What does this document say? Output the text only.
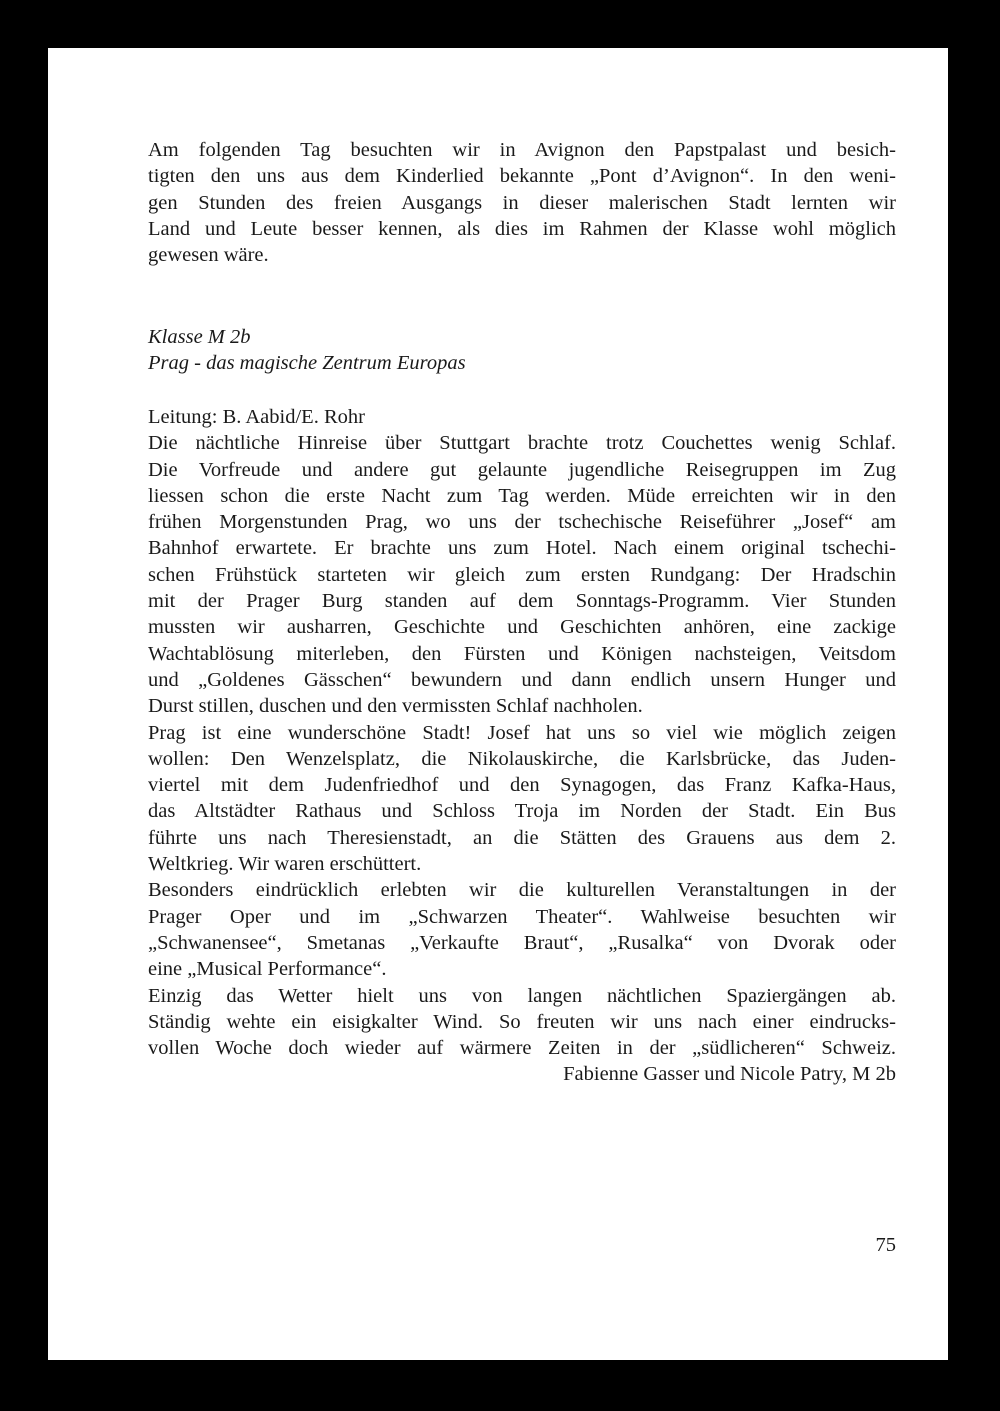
Am folgenden Tag besuchten wir in Avignon den Papstpalast und besich-
tigten den uns aus dem Kinderlied bekannte „Pont d’Avignon“. In den weni-
gen Stunden des freien Ausgangs in dieser malerischen Stadt lernten wir
Land und Leute besser kennen, als dies im Rahmen der Klasse wohl möglich
gewesen wäre.
Klasse M 2b
Prag - das magische Zentrum Europas
Leitung: B. Aabid/E. Rohr
Die nächtliche Hinreise über Stuttgart brachte trotz Couchettes wenig Schlaf.
Die Vorfreude und andere gut gelaunte jugendliche Reisegruppen im Zug
liessen schon die erste Nacht zum Tag werden. Müde erreichten wir in den
frühen Morgenstunden Prag, wo uns der tschechische Reiseführer „Josef“ am
Bahnhof erwartete. Er brachte uns zum Hotel. Nach einem original tschechi-
schen Frühstück starteten wir gleich zum ersten Rundgang: Der Hradschin
mit der Prager Burg standen auf dem Sonntags-Programm. Vier Stunden
mussten wir ausharren, Geschichte und Geschichten anhören, eine zackige
Wachtablösung miterleben, den Fürsten und Königen nachsteigen, Veitsdom
und „Goldenes Gässchen“ bewundern und dann endlich unsern Hunger und
Durst stillen, duschen und den vermissten Schlaf nachholen.
Prag ist eine wunderschöne Stadt! Josef hat uns so viel wie möglich zeigen
wollen: Den Wenzelsplatz, die Nikolauskirche, die Karlsbrücke, das Juden-
viertel mit dem Judenfriedhof und den Synagogen, das Franz Kafka-Haus,
das Altstädter Rathaus und Schloss Troja im Norden der Stadt. Ein Bus
führte uns nach Theresienstadt, an die Stätten des Grauens aus dem 2.
Weltkrieg. Wir waren erschüttert.
Besonders eindrücklich erlebten wir die kulturellen Veranstaltungen in der
Prager Oper und im „Schwarzen Theater“. Wahlweise besuchten wir
„Schwanensee“, Smetanas „Verkaufte Braut“, „Rusalka“ von Dvorak oder
eine „Musical Performance“.
Einzig das Wetter hielt uns von langen nächtlichen Spaziergängen ab.
Ständig wehte ein eisigkalter Wind. So freuten wir uns nach einer eindrucks-
vollen Woche doch wieder auf wärmere Zeiten in der „südlicheren“ Schweiz.
Fabienne Gasser und Nicole Patry, M 2b
75
